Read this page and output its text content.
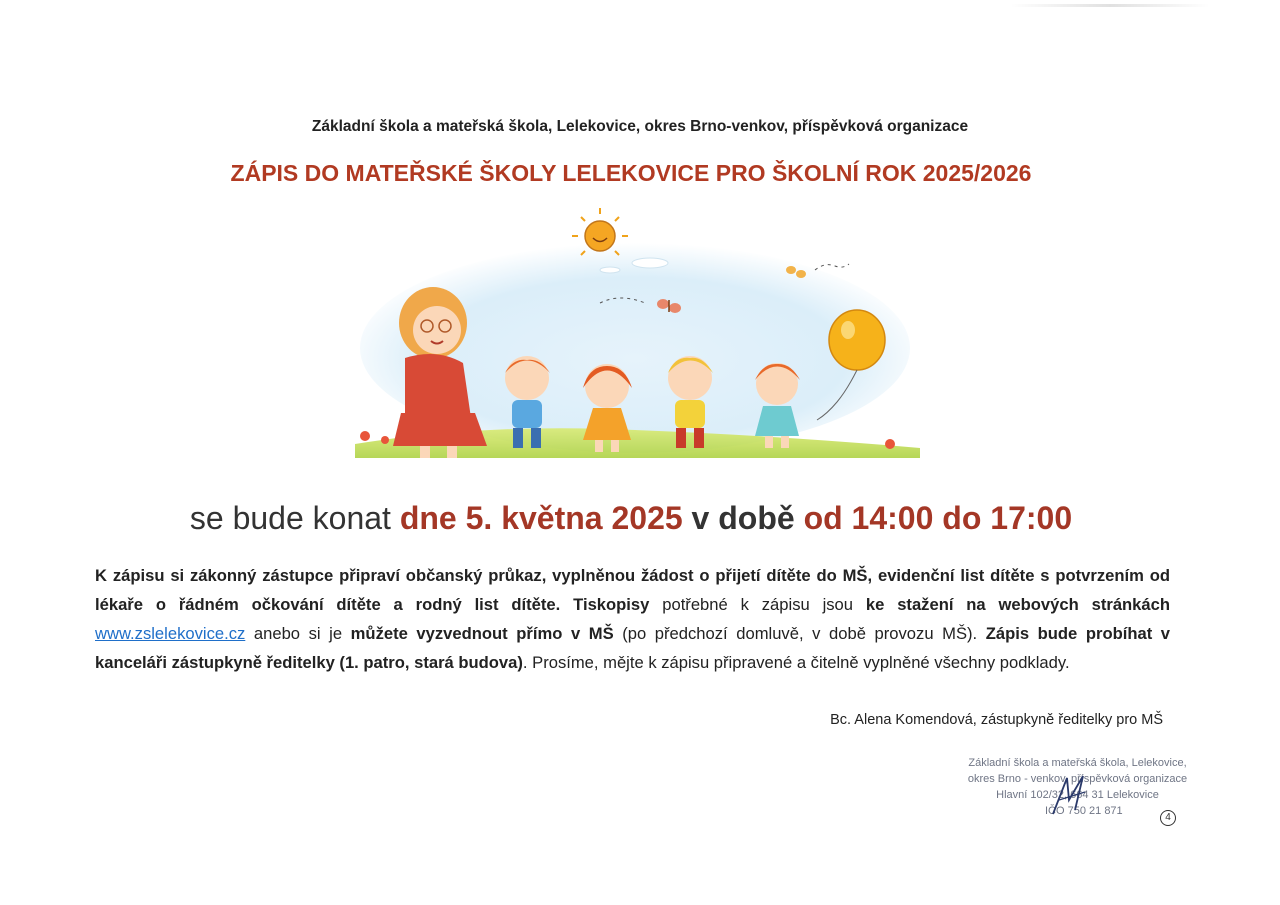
Základní škola a mateřská škola, Lelekovice, okres Brno-venkov, příspěvková organizace
ZÁPIS DO MATEŘSKÉ ŠKOLY LELEKOVICE PRO ŠKOLNÍ ROK 2025/2026
se bude konat dne 5. května 2025 v době od 14:00 do 17:00
K zápisu si zákonný zástupce připraví občanský průkaz, vyplněnou žádost o přijetí dítěte do MŠ, evidenční list dítěte s potvrzením od lékaře o řádném očkování dítěte a rodný list dítěte. Tiskopisy potřebné k zápisu jsou ke stažení na webových stránkách www.zslelekovice.cz anebo si je můžete vyzvednout přímo v MŠ (po předchozí domluvě, v době provozu MŠ). Zápis bude probíhat v kanceláři zástupkyně ředitelky (1. patro, stará budova). Prosíme, mějte k zápisu připravené a čitelně vyplněné všechny podklady.
Bc. Alena Komendová, zástupkyně ředitelky pro MŠ
Základní škola a mateřská škola, Lelekovice,
okres Brno - venkov, příspěvková organizace
Hlavní 102/32, 664 31 Lelekovice
IČO 750 21 871
4
